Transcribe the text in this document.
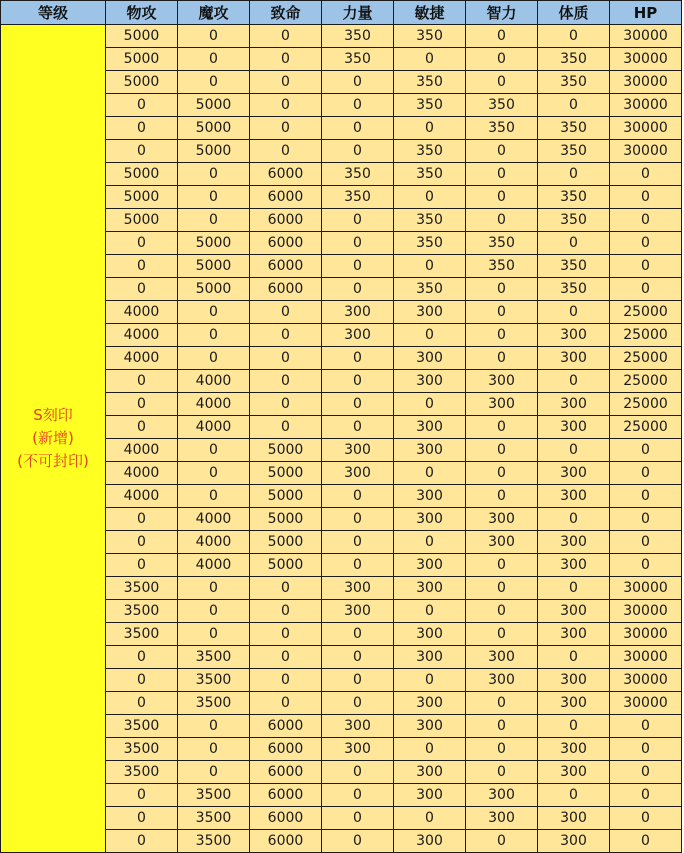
等级	物攻	魔攻	致命	力量	敏捷	智力	体质	HP

S刻印
(新增)
(不可封印)	5000	0	0	350	350	0	0	30000
	5000	0	0	350	0	0	350	30000
	5000	0	0	0	350	0	350	30000
	0	5000	0	0	350	350	0	30000
	0	5000	0	0	0	350	350	30000
	0	5000	0	0	350	0	350	30000
	5000	0	6000	350	350	0	0	0
	5000	0	6000	350	0	0	350	0
	5000	0	6000	0	350	0	350	0
	0	5000	6000	0	350	350	0	0
	0	5000	6000	0	0	350	350	0
	0	5000	6000	0	350	0	350	0
	4000	0	0	300	300	0	0	25000
	4000	0	0	300	0	0	300	25000
	4000	0	0	0	300	0	300	25000
	0	4000	0	0	300	300	0	25000
	0	4000	0	0	0	300	300	25000
	0	4000	0	0	300	0	300	25000
	4000	0	5000	300	300	0	0	0
	4000	0	5000	300	0	0	300	0
	4000	0	5000	0	300	0	300	0
	0	4000	5000	0	300	300	0	0
	0	4000	5000	0	0	300	300	0
	0	4000	5000	0	300	0	300	0
	3500	0	0	300	300	0	0	30000
	3500	0	0	300	0	0	300	30000
	3500	0	0	0	300	0	300	30000
	0	3500	0	0	300	300	0	30000
	0	3500	0	0	0	300	300	30000
	0	3500	0	0	300	0	300	30000
	3500	0	6000	300	300	0	0	0
	3500	0	6000	300	0	0	300	0
	3500	0	6000	0	300	0	300	0
	0	3500	6000	0	300	300	0	0
	0	3500	6000	0	0	300	300	0
	0	3500	6000	0	300	0	300	0
